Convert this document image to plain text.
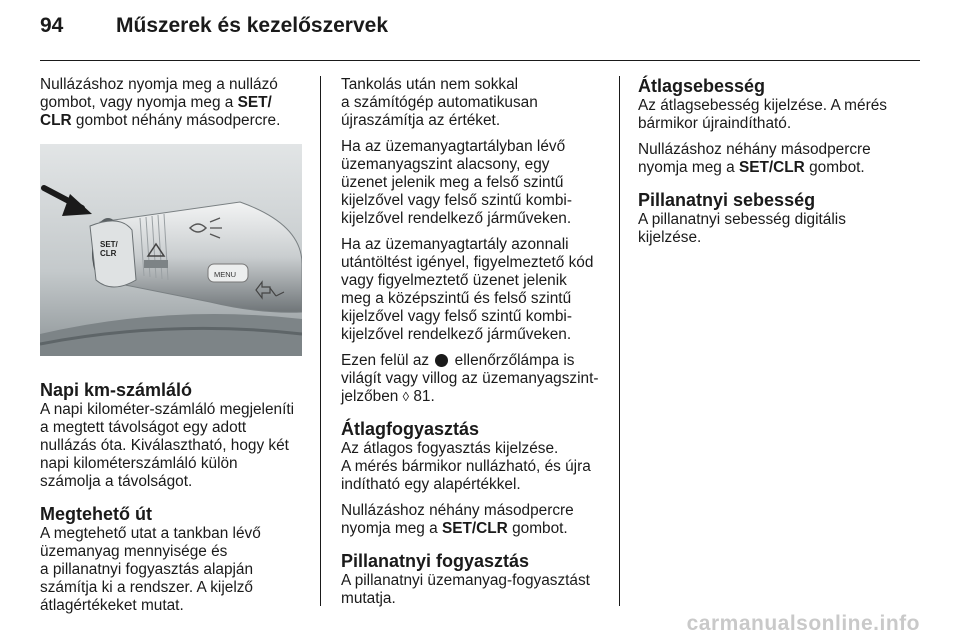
94	Műszerek és kezelőszervek

Nullázáshoz nyomja meg a nullázó
gombot, vagy nyomja meg a SET/
CLR gombot néhány másodpercre.

SET/
CLR
MENU
Napi km-számláló

A napi kilométer-számláló megjeleníti
a megtett távolságot egy adott
nullázás óta. Kiválasztható, hogy két
napi kilométerszámláló külön
számolja a távolságot.

Megtehető út

A megtehető utat a tankban lévő
üzemanyag mennyisége és
a pillanatnyi fogyasztás alapján
számítja ki a rendszer. A kijelző
átlagértékeket mutat.

Tankolás után nem sokkal
a számítógép automatikusan
újraszámítja az értéket.

Ha az üzemanyagtartályban lévő
üzemanyagszint alacsony, egy
üzenet jelenik meg a felső szintű
kijelzővel vagy felső szintű kombi-
kijelzővel rendelkező járműveken.

Ha az üzemanyagtartály azonnali
utántöltést igényel, figyelmeztető kód
vagy figyelmeztető üzenet jelenik
meg a középszintű és felső szintű
kijelzővel vagy felső szintű kombi-
kijelzővel rendelkező járműveken.

Ezen felül az  ellenőrzőlámpa is
világít vagy villog az üzemanyagszint-
jelzőben ◊ 81.

Átlagfogyasztás

Az átlagos fogyasztás kijelzése.
A mérés bármikor nullázható, és újra
indítható egy alapértékkel.

Nullázáshoz néhány másodpercre
nyomja meg a SET/CLR gombot.

Pillanatnyi fogyasztás

A pillanatnyi üzemanyag-fogyasztást
mutatja.

Átlagsebesség

Az átlagsebesség kijelzése. A mérés
bármikor újraindítható.

Nullázáshoz néhány másodpercre
nyomja meg a SET/CLR gombot.

Pillanatnyi sebesség

A pillanatnyi sebesség digitális
kijelzése.

carmanualsonline.info
